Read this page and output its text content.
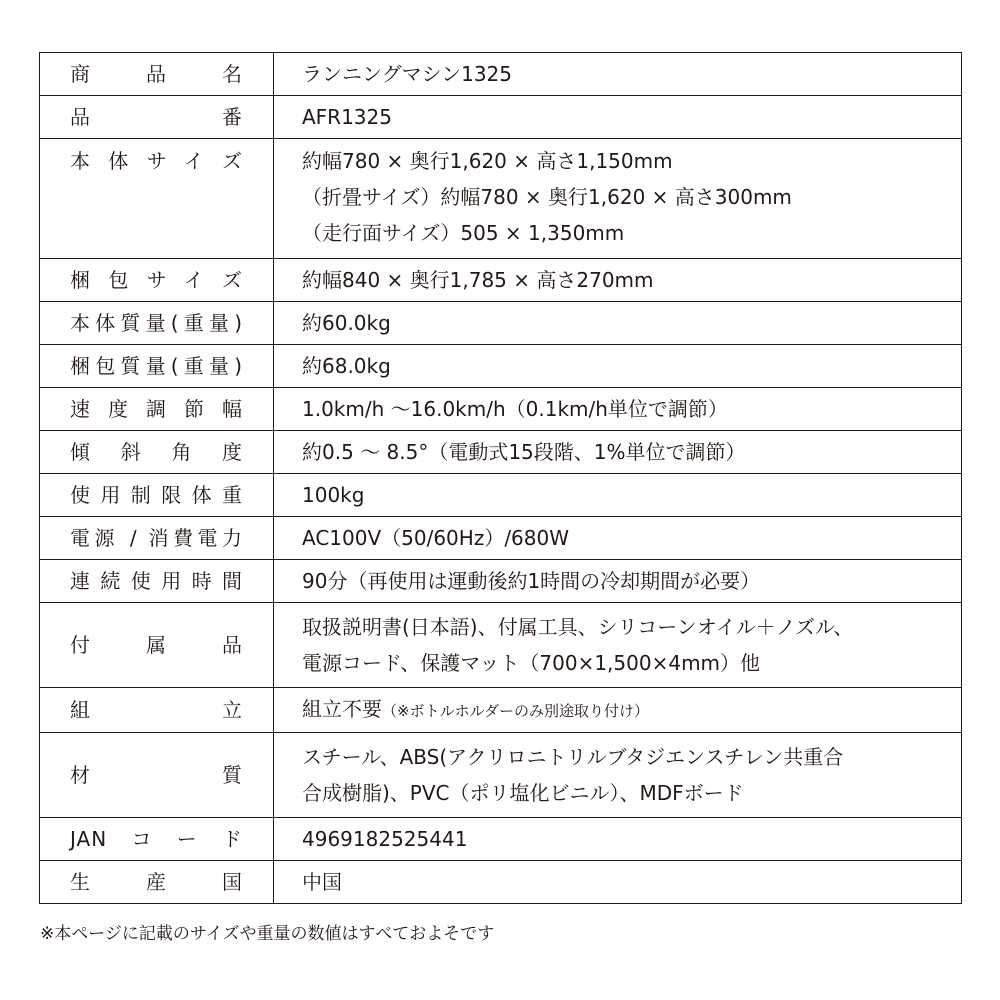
商　品　名	ランニングマシン1325

品　番	AFR1325

本体サイズ	約幅780 × 奥行1,620 × 高さ1,150mm
（折畳サイズ）約幅780 × 奥行1,620 × 高さ300mm
（走行面サイズ）505 × 1,350mm

梱包サイズ	約幅840 × 奥行1,785 × 高さ270mm

本体質量(重量)	約60.0kg

梱包質量(重量)	約68.0kg

速度調節幅	1.0km/h 〜16.0km/h（0.1km/h単位で調節）

傾　斜　角　度	約0.5 〜 8.5°（電動式15段階、1%単位で調節）

使用制限体重	100kg

電源 / 消費電力	AC100V（50/60Hz）/680W

連続使用時間	90分（再使用は運動後約1時間の冷却期間が必要）

付　属　品	取扱説明書(日本語)、付属工具、シリコーンオイル＋ノズル、
電源コード、保護マット（700×1,500×4mm）他

組　立	組立不要（※ボトルホルダーのみ別途取り付け）

材　質	スチール、ABS(アクリロニトリルブタジエンスチレン共重合
合成樹脂)、PVC（ポリ塩化ビニル）、MDFボード

JANコード	4969182525441

生　産　国	中国
※本ページに記載のサイズや重量の数値はすべておよそです
